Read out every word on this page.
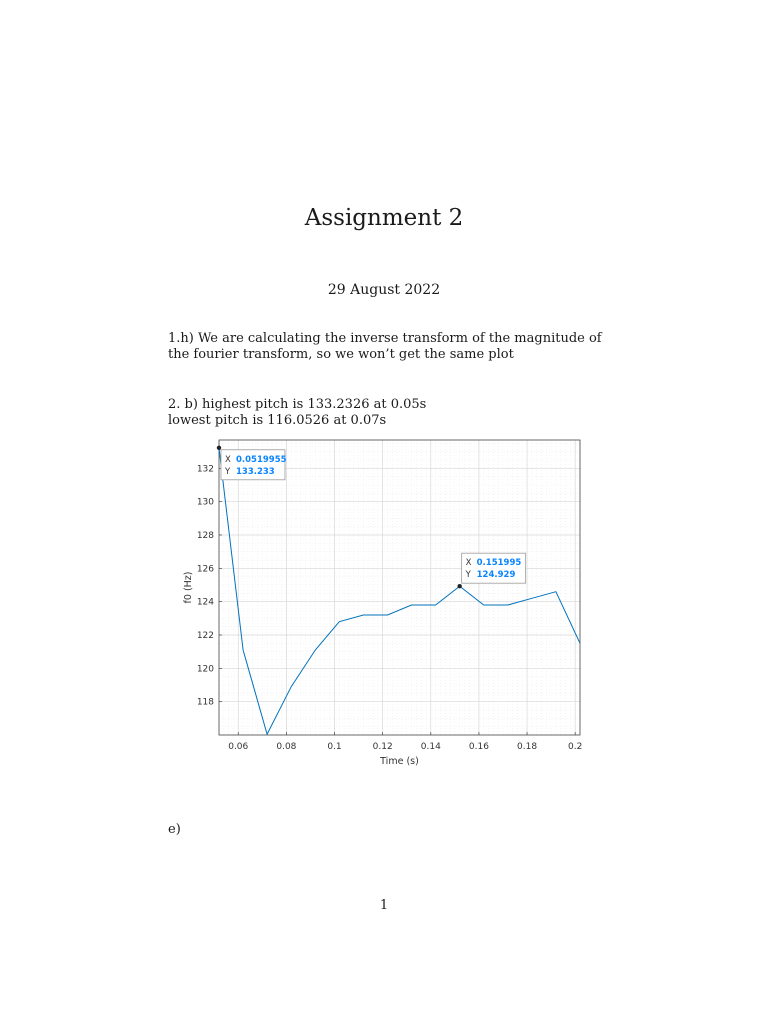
Assignment 2
29 August 2022

1.h) We are calculating the inverse transform of the magnitude of the fourier transform, so we won’t get the same plot

2. b) highest pitch is 133.2326 at 0.05s
lowest pitch is 116.0526 at 0.07s
0.06	0.08	0.1	0.12	0.14	0.16	0.18	0.2
118
120
122
124
126
128
130
132
X 0.0519955
Y 133.233
X 0.151995
Y 124.929
Time (s)
f0 (Hz)
e)
1
